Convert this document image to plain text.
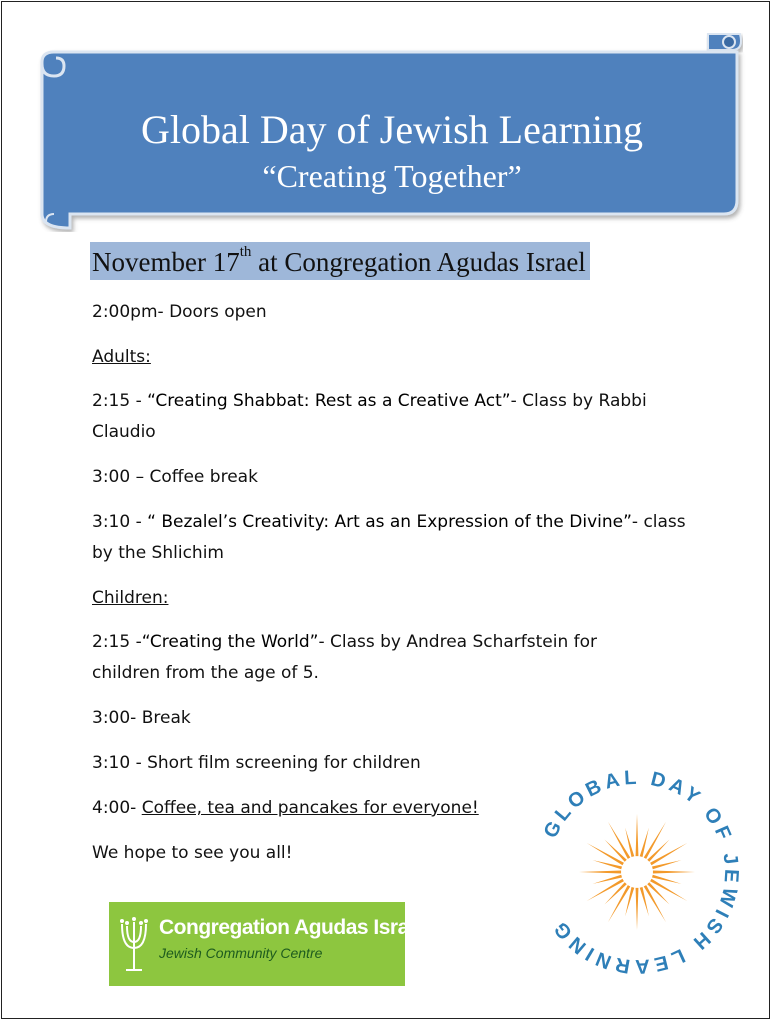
Global Day of Jewish Learning
“Creating Together”
November 17th at Congregation Agudas Israel
2:00pm- Doors open
Adults:
2:15 - “Creating Shabbat: Rest as a Creative Act”- Class by Rabbi
Claudio
3:00 – Coffee break
3:10 - “ Bezalel’s Creativity: Art as an Expression of the Divine”- class
by the Shlichim
Children:
2:15 -“Creating the World”- Class by Andrea Scharfstein for
children from the age of 5.
3:00- Break
3:10 - Short film screening for children
4:00- Coffee, tea and pancakes for everyone!
We hope to see you all!
Congregation Agudas Israel
Jewish Community Centre
GLOBAL DAY OF JEWISH LEARNING
